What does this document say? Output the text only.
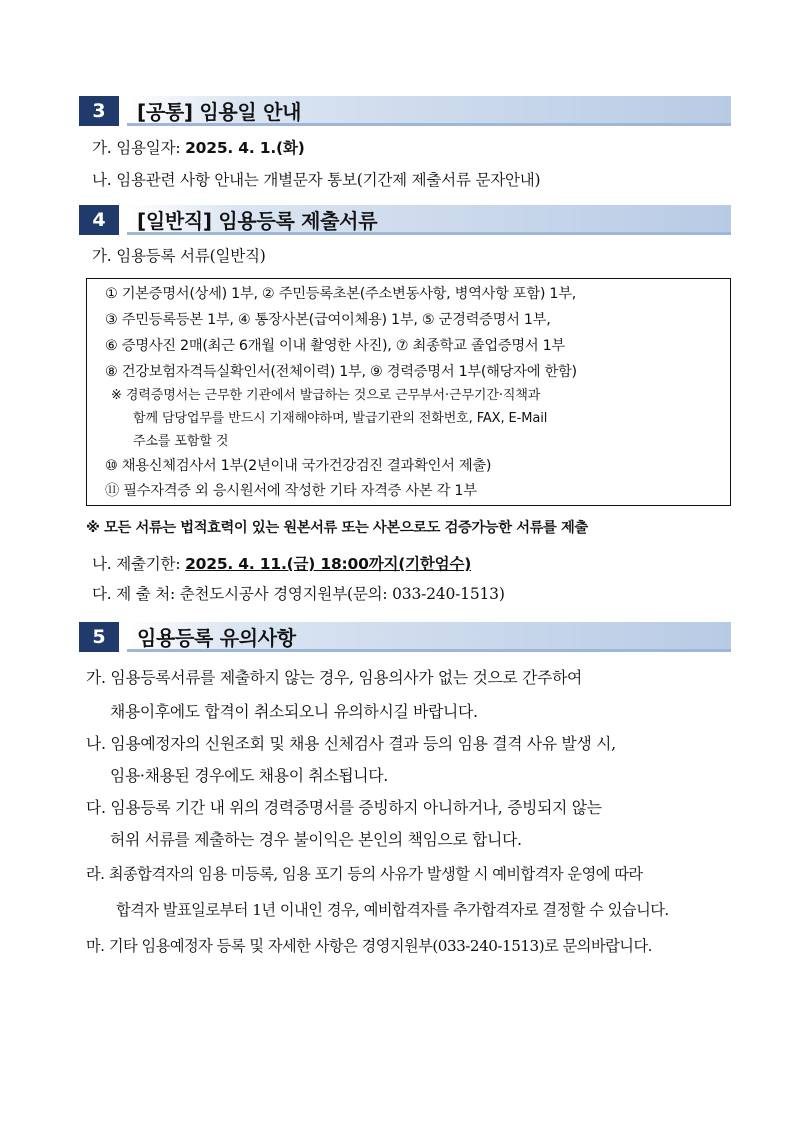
3	[공통] 임용일 안내
가. 임용일자: 2025. 4. 1.(화)
나. 임용관련 사항 안내는 개별문자 통보(기간제 제출서류 문자안내)
4	[일반직] 임용등록 제출서류
가. 임용등록 서류(일반직)
① 기본증명서(상세) 1부, ② 주민등록초본(주소변동사항, 병역사항 포함) 1부,
③ 주민등록등본 1부, ④ 통장사본(급여이체용) 1부, ⑤ 군경력증명서 1부,
⑥ 증명사진 2매(최근 6개월 이내 촬영한 사진), ⑦ 최종학교 졸업증명서 1부
⑧ 건강보험자격득실확인서(전체이력) 1부, ⑨ 경력증명서 1부(해당자에 한함)
※ 경력증명서는 근무한 기관에서 발급하는 것으로 근무부서·근무기간·직책과
함께 담당업무를 반드시 기재해야하며, 발급기관의 전화번호, FAX, E-Mail
주소를 포함할 것
⑩ 채용신체검사서 1부(2년이내 국가건강검진 결과확인서 제출)
⑪ 필수자격증 외 응시원서에 작성한 기타 자격증 사본 각 1부
※ 모든 서류는 법적효력이 있는 원본서류 또는 사본으로도 검증가능한 서류를 제출
나. 제출기한: 2025. 4. 11.(금) 18:00까지(기한엄수)
다. 제 출 처: 춘천도시공사 경영지원부(문의: 033-240-1513)
5	임용등록 유의사항
가. 임용등록서류를 제출하지 않는 경우, 임용의사가 없는 것으로 간주하여
채용이후에도 합격이 취소되오니 유의하시길 바랍니다.
나. 임용예정자의 신원조회 및 채용 신체검사 결과 등의 임용 결격 사유 발생 시,
임용·채용된 경우에도 채용이 취소됩니다.
다. 임용등록 기간 내 위의 경력증명서를 증빙하지 아니하거나, 증빙되지 않는
허위 서류를 제출하는 경우 불이익은 본인의 책임으로 합니다.
라. 최종합격자의 임용 미등록, 임용 포기 등의 사유가 발생할 시 예비합격자 운영에 따라
합격자 발표일로부터 1년 이내인 경우, 예비합격자를 추가합격자로 결정할 수 있습니다.
마. 기타 임용예정자 등록 및 자세한 사항은 경영지원부(033-240-1513)로 문의바랍니다.
